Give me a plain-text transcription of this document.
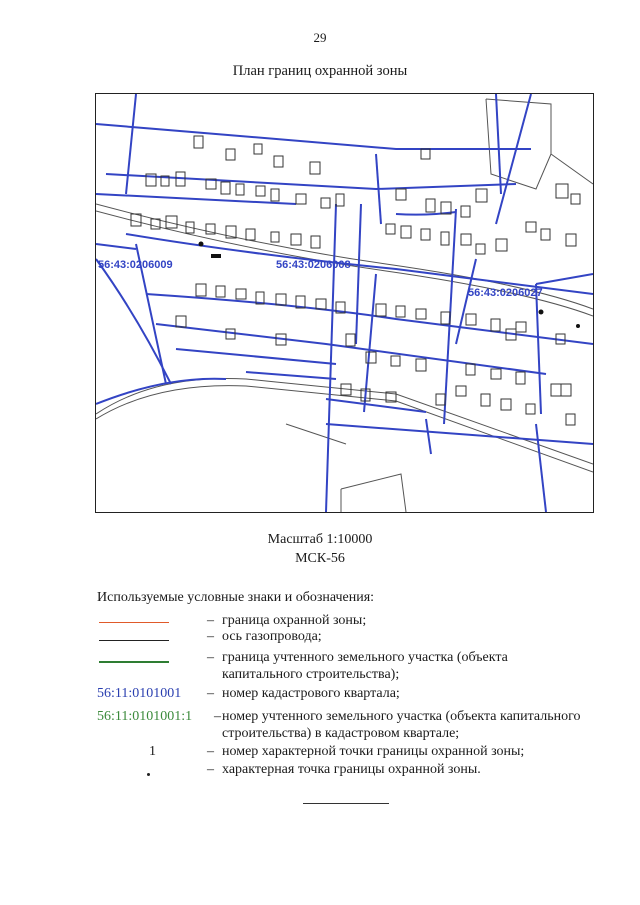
29
План границ охранной зоны
56:43:0206009	56:43:0206008
56:43:0206027
Масштаб 1:10000
МСК-56
Используемые условные знаки и обозначения:
– граница охранной зоны;
– ось газопровода;
– граница учтенного земельного участка (объекта капитального строительства);
56:11:0101001	– номер кадастрового квартала;
56:11:0101001:1	– номер учтенного земельного участка (объекта капитального строительства) в кадастровом квартале;
1	– номер характерной точки границы охранной зоны;
– характерная точка границы охранной зоны.
